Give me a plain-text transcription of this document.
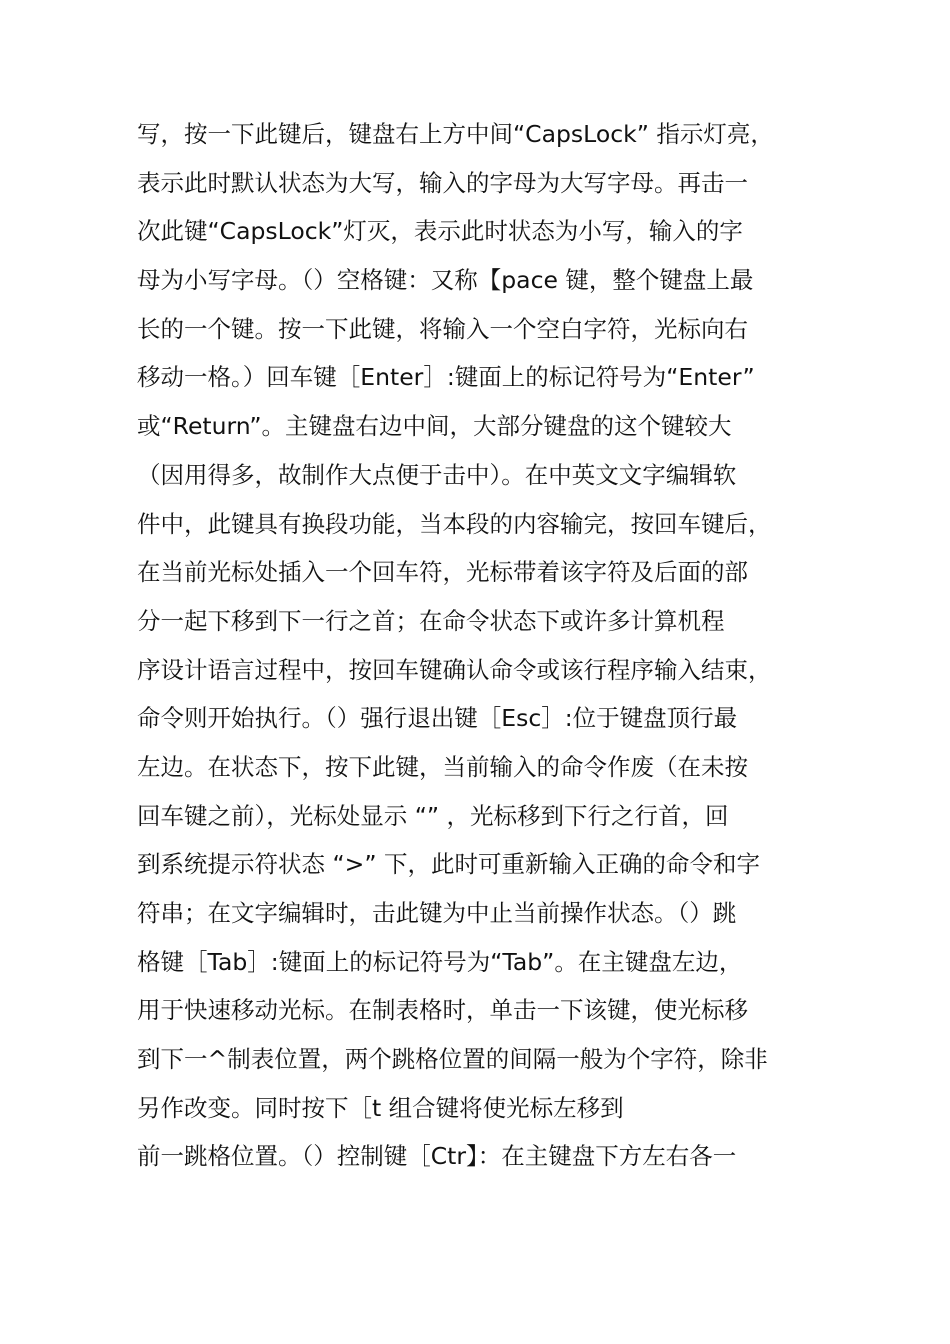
写，按一下此键后，键盘右上方中间“CapsLock” 指示灯亮，
表示此时默认状态为大写，输入的字母为大写字母。再击一
次此键“CapsLock”灯灭，表示此时状态为小写，输入的字
母为小写字母。（）空格键：又称【pace 键，整个键盘上最
长的一个键。按一下此键，将输入一个空白字符，光标向右
移动一格。）回车键［Enter］:键面上的标记符号为“Enter”
或“Return”。主键盘右边中间，大部分键盘的这个键较大
（因用得多，故制作大点便于击中）。在中英文文字编辑软
件中，此键具有换段功能，当本段的内容输完，按回车键后，
在当前光标处插入一个回车符，光标带着该字符及后面的部
分一起下移到下一行之首；在命令状态下或许多计算机程
序设计语言过程中，按回车键确认命令或该行程序输入结束，
命令则开始执行。（）强行退出键［Esc］:位于键盘顶行最
左边。在状态下，按下此键，当前输入的命令作废（在未按
回车键之前），光标处显示 “” ，光标移到下行之行首，回
到系统提示符状态 “>” 下，此时可重新输入正确的命令和字
符串；在文字编辑时，击此键为中止当前操作状态。（）跳
格键［Tab］:键面上的标记符号为“Tab”。在主键盘左边，
用于快速移动光标。在制表格时，单击一下该键，使光标移
到下一^制表位置，两个跳格位置的间隔一般为个字符，除非
另作改变。同时按下［t 组合键将使光标左移到
前一跳格位置。（）控制键［Ctr】：在主键盘下方左右各一
